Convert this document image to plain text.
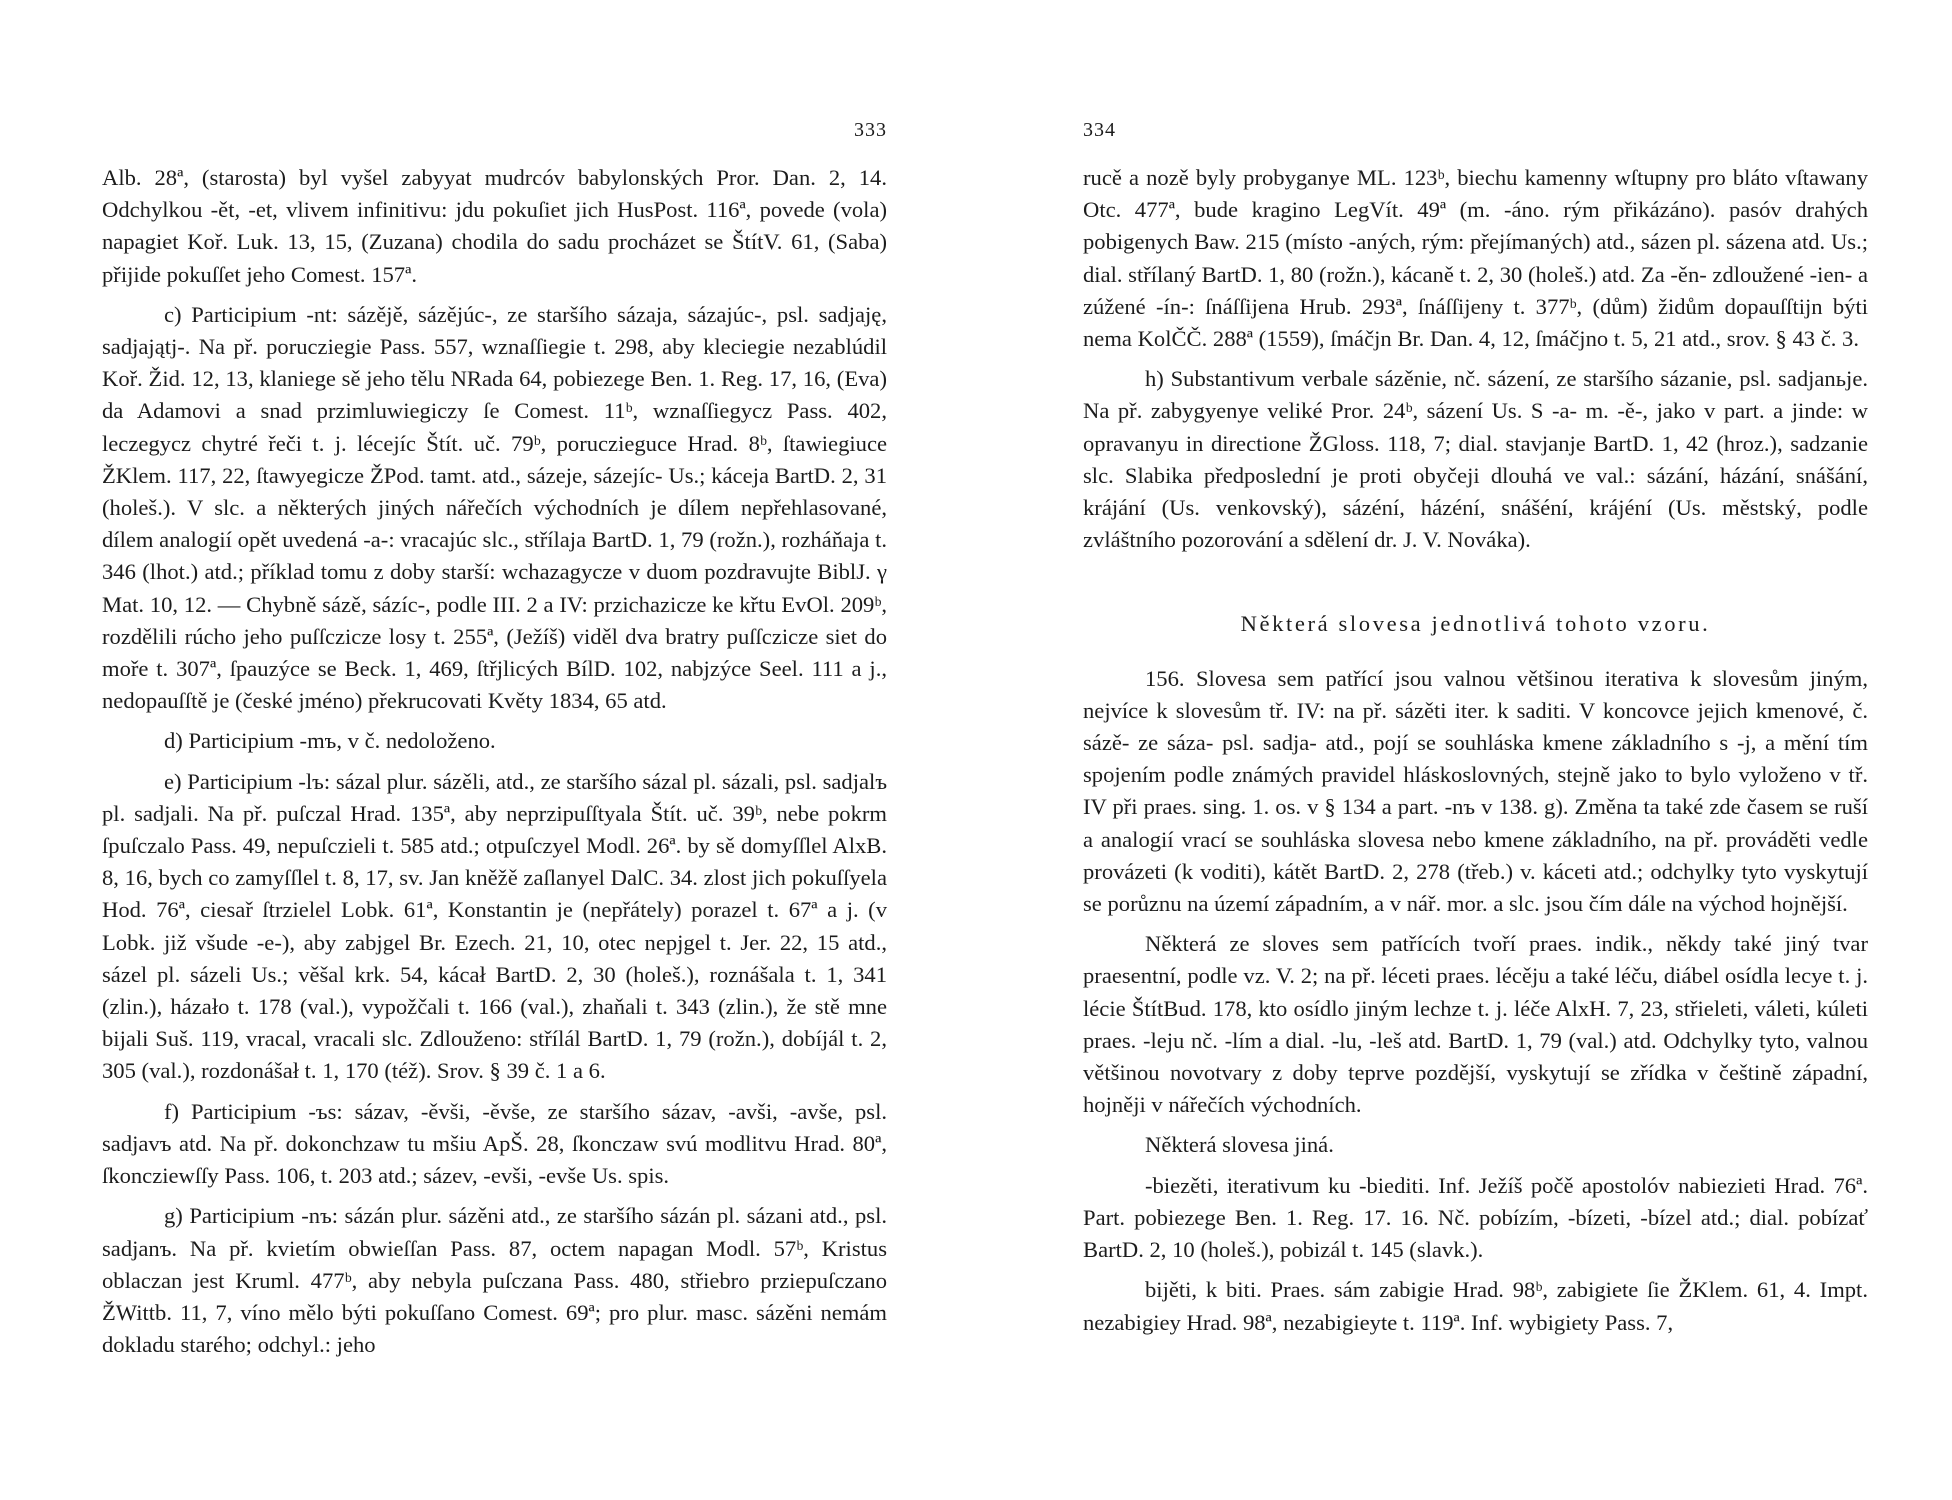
333

Alb. 28ª, (starosta) byl vyšel zabyyat mudrcóv babylonských Pror. Dan. 2, 14. Odchylkou -ět, -et, vlivem infinitivu: jdu pokuſiet jich HusPost. 116ª, povede (vola) napagiet Koř. Luk. 13, 15, (Zuzana) chodila do sadu procházet se ŠtítV. 61, (Saba) přijide pokuſſet jeho Comest. 157ª.

c) Participium -nt: sázějě, sázějúc-, ze staršího sázaja, sázajúc-, psl. sadjaję, sadjajątj-. Na př. porucziegiе Pass. 557, wznaſſiegie t. 298, aby kleciegie nezablúdil Koř. Žid. 12, 13, klaniege sě jeho tělu NRada 64, pobiezege Ben. 1. Reg. 17, 16, (Eva) da Adamovi a snad przimluwiegiczy ſe Comest. 11ᵇ, wznaſſiegycz Pass. 402, leczegycz chytré řeči t. j. lécejíc Štít. uč. 79ᵇ, poruczieguce Hrad. 8ᵇ, ſtawiegiuce ŽKlem. 117, 22, ſtawyegicze ŽPod. tamt. atd., sázeje, sázejíc- Us.; káceja BartD. 2, 31 (holeš.). V slc. a některých jiných nářečích východních je dílem nepřehlasované, dílem analogií opět uvedená -a-: vracajúc slc., střílaja BartD. 1, 79 (rožn.), rozháňaja t. 346 (lhot.) atd.; příklad tomu z doby starší: wchazagycze v duom pozdravujte BiblJ. γ Mat. 10, 12. — Chybně sázě, sázíc-, podle III. 2 a IV: przichazicze ke křtu EvOl. 209ᵇ, rozdělili rúcho jeho puſſczicze losy t. 255ª, (Ježíš) viděl dva bratry puſſczicze siet do moře t. 307ª, ſpauzýce se Beck. 1, 469, ſtřjlicých BílD. 102, nabjzýce Seel. 111 a j., nedopauſſtě je (české jméno) překrucovati Květy 1834, 65 atd.

d) Participium -mъ, v č. nedoloženo.

e) Participium -lъ: sázal plur. sázěli, atd., ze staršího sázal pl. sázali, psl. sadjalъ pl. sadjali. Na př. puſczal Hrad. 135ª, aby neprzipuſſtyala Štít. uč. 39ᵇ, nebe pokrm ſpuſczalo Pass. 49, nepuſczieli t. 585 atd.; otpuſczyel Modl. 26ª. by sě domyſſlel AlxB. 8, 16, bych co zamyſſlel t. 8, 17, sv. Jan kněžě zaſlanyel DalC. 34. zlost jich pokuſſyela Hod. 76ª, ciesař ſtrzielel Lobk. 61ª, Konstantin je (nepřátely) porazel t. 67ª a j. (v Lobk. již všude -e-), aby zabjgel Br. Ezech. 21, 10, otec nepjgel t. Jer. 22, 15 atd., sázel pl. sázeli Us.; věšal krk. 54, kácał BartD. 2, 30 (holeš.), roznášala t. 1, 341 (zlin.), házało t. 178 (val.), vypožčali t. 166 (val.), zhaňali t. 343 (zlin.), že stě mne bijali Suš. 119, vracal, vracali slc. Zdlouženo: střílál BartD. 1, 79 (rožn.), dobíjál t. 2, 305 (val.), rozdonášał t. 1, 170 (též). Srov. § 39 č. 1 a 6.

f) Participium -ъs: sázav, -ěvši, -ěvše, ze staršího sázav, -avši, -avše, psl. sadjavъ atd. Na př. dokonchzaw tu mšiu ApŠ. 28, ſkonczaw svú modlitvu Hrad. 80ª, ſkoncziewſſy Pass. 106, t. 203 atd.; sázev, -evši, -evše Us. spis.

g) Participium -nъ: sázán plur. sázěni atd., ze staršího sázán pl. sázani atd., psl. sadjanъ. Na př. kvietím obwieſſan Pass. 87, octem napagan Modl. 57ᵇ, Kristus oblaczan jest Kruml. 477ᵇ, aby nebyla puſczana Pass. 480, střiebro prziepuſczano ŽWittb. 11, 7, víno mělo býti pokuſſano Comest. 69ª; pro plur. masc. sázěni nemám dokladu starého; odchyl.: jeho

334

rucě a nozě byly probyganye ML. 123ᵇ, biechu kamenny wſtupny pro bláto vſtawany Otc. 477ª, bude kragino LegVít. 49ª (m. -áno. rým přikázáno). pasóv drahých pobigenych Baw. 215 (místo -aných, rým: přejímaných) atd., sázen pl. sázena atd. Us.; dial. střílaný BartD. 1, 80 (rožn.), kácaně t. 2, 30 (holeš.) atd. Za -ěn- zdloužené -ien- a zúžené -ín-: ſnáſſijena Hrub. 293ª, ſnáſſijeny t. 377ᵇ, (dům) židům dopauſſtijn býti nema KolČČ. 288ª (1559), ſmáčjn Br. Dan. 4, 12, ſmáčjno t. 5, 21 atd., srov. § 43 č. 3.

h) Substantivum verbale sázěnie, nč. sázení, ze staršího sázanie, psl. sadjanьje. Na př. zabygyenye veliké Pror. 24ᵇ, sázení Us. S -a- m. -ě-, jako v part. a jinde: w opravanyu in directione ŽGloss. 118, 7; dial. stavjanje BartD. 1, 42 (hroz.), sadzanie slc. Slabika předposlední je proti obyčeji dlouhá ve val.: sázání, házání, snášání, krájání (Us. venkovský), sázéní, házéní, snášéní, krájéní (Us. městský, podle zvláštního pozorování a sdělení dr. J. V. Nováka).

Některá slovesa jednotlivá tohoto vzoru.

156. Slovesa sem patřící jsou valnou většinou iterativa k slovesům jiným, nejvíce k slovesům tř. IV: na př. sázěti iter. k saditi. V koncovce jejich kmenové, č. sázě- ze sáza- psl. sadja- atd., pojí se souhláska kmene základního s -j, a mění tím spojením podle známých pravidel hláskoslovných, stejně jako to bylo vyloženo v tř. IV při praes. sing. 1. os. v § 134 a part. -nъ v 138. g). Změna ta také zde časem se ruší a analogií vrací se souhláska slovesa nebo kmene základního, na př. prováděti vedle provázeti (k voditi), kátět BartD. 2, 278 (třeb.) v. káceti atd.; odchylky tyto vyskytují se porůznu na území západním, a v nář. mor. a slc. jsou čím dále na východ hojnější.

Některá ze sloves sem patřících tvoří praes. indik., někdy také jiný tvar praesentní, podle vz. V. 2; na př. léceti praes. lécěju a také léču, diábel osídla lecye t. j. lécie ŠtítBud. 178, kto osídlo jiným lechze t. j. léče AlxH. 7, 23, střieleti, váleti, kúleti praes. -leju nč. -lím a dial. -lu, -leš atd. BartD. 1, 79 (val.) atd. Odchylky tyto, valnou většinou novotvary z doby teprve pozdější, vyskytují se zřídka v češtině západní, hojněji v nářečích východních.

Některá slovesa jiná.

-biezěti, iterativum ku -biediti. Inf. Ježíš počě apostolóv nabiezieti Hrad. 76ª. Part. pobiezege Ben. 1. Reg. 17. 16. Nč. pobízím, -bízeti, -bízel atd.; dial. pobízať BartD. 2, 10 (holeš.), pobizál t. 145 (slavk.).

bijěti, k biti. Praes. sám zabigie Hrad. 98ᵇ, zabigiete ſie ŽKlem. 61, 4. Impt. nezabigiey Hrad. 98ª, nezabigieyte t. 119ª. Inf. wybigiety Pass. 7,
